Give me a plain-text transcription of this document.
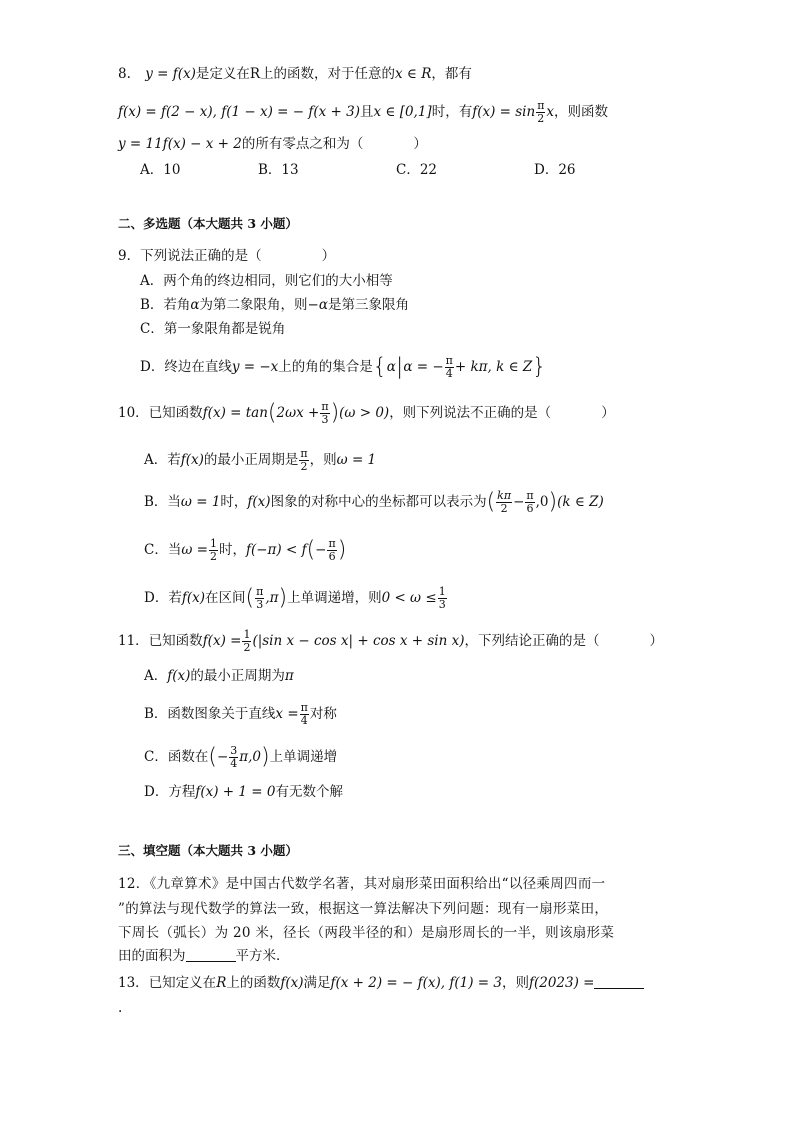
8. y = f(x)是定义在R上的函数，对于任意的x ∈ R，都有
f(x) = f(2 − x), f(1 − x) = − f(x + 3)且x ∈ [0,1]时，有$f(x) = \sin \frac{\pi}{2}$ x，则函数
y = 11f(x) − x + 2的所有零点之和为（	）
A．10	B．13	C．22	D．26
二、多选题（本大题共 3 小题）
9．下列说法正确的是（	）
A．两个角的终边相同，则它们的大小相等
B．若角α为第二象限角，则−α是第三象限角
C．第一象限角都是锐角
D．终边在直线y = −x上的角的集合是{α|α = − $\frac{\pi}{4} + k\pi$, k ∈ Z}
10．已知函数$f(x) = \tan(2\omega x + \frac{\pi}{3} )(\omega > 0)$，则下列说法不正确的是（	）
A．若f(x)的最小正周期是 $\frac{\pi}{2}$ ，则ω = 1
B．当ω = 1时，f(x)图象的对称中心的坐标都可以表示为( $\frac{k\pi}{2} - \frac{\pi}{6} ,0)(k$ ∈ Z)
C．当$\omega = \frac{1}{2}$ 时，$f(-\pi) < f(- \frac{\pi}{6}$ )
D．若f(x)在区间( $\frac{\pi}{3} ,\pi$)上单调递增，则$0 < \omega \le \frac{1}{3}$
11．已知函数$f(x) = \frac{1}{2} (|\sin$ x − cos x| + cos x + sin x)，下列结论正确的是（	）
A．f(x)的最小正周期为π
B．函数图象关于直线$x = \frac{\pi}{4}$ 对称
C．函数在(− $\frac{3}{4} \pi,0$)上单调递增
D．方程f(x) + 1 = 0有无数个解
三、填空题（本大题共 3 小题）
12．《九章算术》是中国古代数学名著，其对扇形菜田面积给出“以径乘周四而一
”的算法与现代数学的算法一致，根据这一算法解决下列问题：现有一扇形菜田，
下周长（弧长）为 20 米，径长（两段半径的和）是扇形周长的一半，则该扇形菜
田的面积为	平方米．
13．已知定义在R上的函数f(x)满足f(x + 2) = − f(x), f(1) = 3，则f(2023) =
.
